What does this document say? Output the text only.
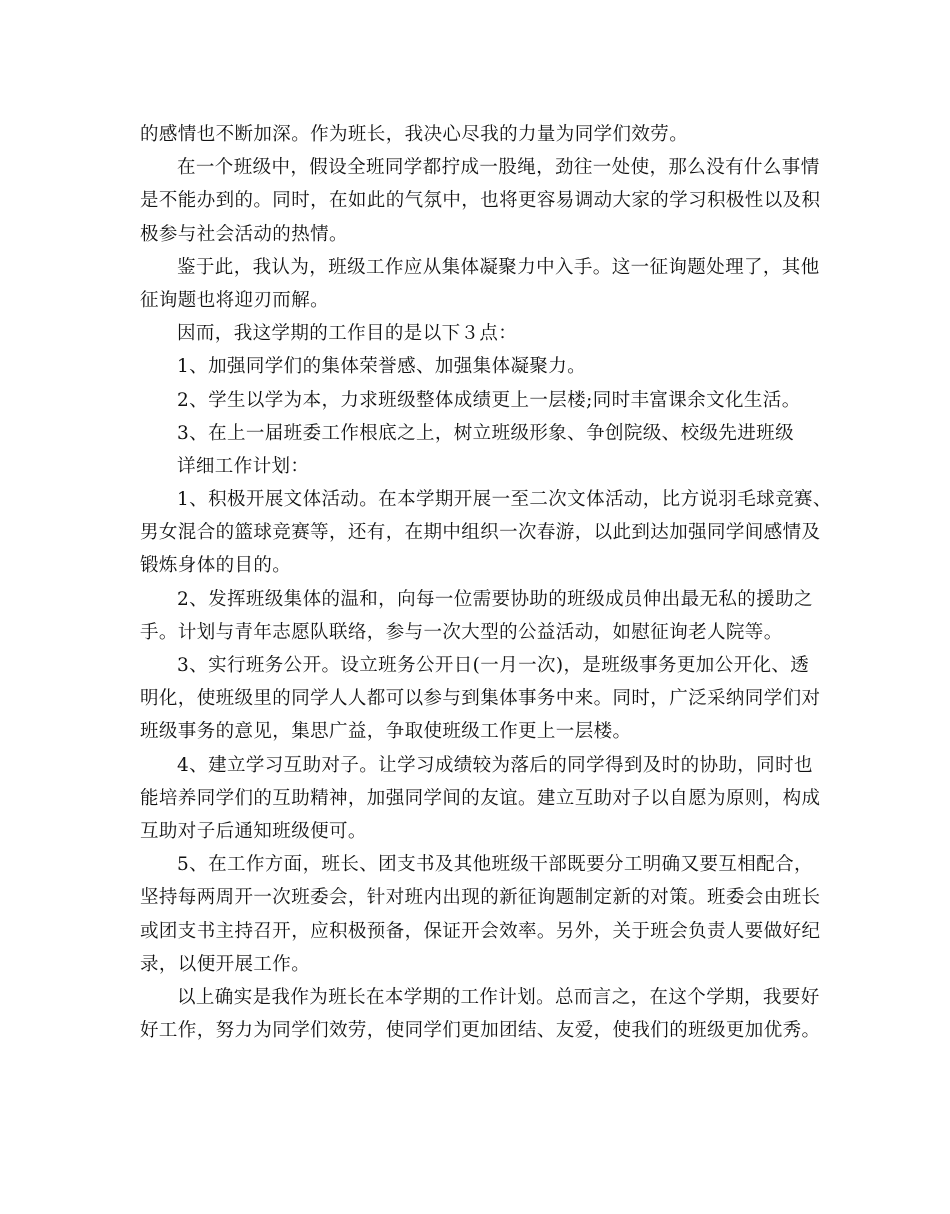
的感情也不断加深。作为班长，我决心尽我的力量为同学们效劳。
在一个班级中，假设全班同学都拧成一股绳，劲往一处使，那么没有什么事情
是不能办到的。同时，在如此的气氛中，也将更容易调动大家的学习积极性以及积
极参与社会活动的热情。
鉴于此，我认为，班级工作应从集体凝聚力中入手。这一征询题处理了，其他
征询题也将迎刃而解。
因而，我这学期的工作目的是以下３点：
1、加强同学们的集体荣誉感、加强集体凝聚力。
2、学生以学为本，力求班级整体成绩更上一层楼;同时丰富课余文化生活。
3、在上一届班委工作根底之上，树立班级形象、争创院级、校级先进班级
详细工作计划：
1、积极开展文体活动。在本学期开展一至二次文体活动，比方说羽毛球竞赛、
男女混合的篮球竞赛等，还有，在期中组织一次春游，以此到达加强同学间感情及
锻炼身体的目的。
2、发挥班级集体的温和，向每一位需要协助的班级成员伸出最无私的援助之
手。计划与青年志愿队联络，参与一次大型的公益活动，如慰征询老人院等。
3、实行班务公开。设立班务公开日(一月一次)，是班级事务更加公开化、透
明化，使班级里的同学人人都可以参与到集体事务中来。同时，广泛采纳同学们对
班级事务的意见，集思广益，争取使班级工作更上一层楼。
4、建立学习互助对子。让学习成绩较为落后的同学得到及时的协助，同时也
能培养同学们的互助精神，加强同学间的友谊。建立互助对子以自愿为原则，构成
互助对子后通知班级便可。
5、在工作方面，班长、团支书及其他班级干部既要分工明确又要互相配合，
坚持每两周开一次班委会，针对班内出现的新征询题制定新的对策。班委会由班长
或团支书主持召开，应积极预备，保证开会效率。另外，关于班会负责人要做好纪
录，以便开展工作。
以上确实是我作为班长在本学期的工作计划。总而言之，在这个学期，我要好
好工作，努力为同学们效劳，使同学们更加团结、友爱，使我们的班级更加优秀。
